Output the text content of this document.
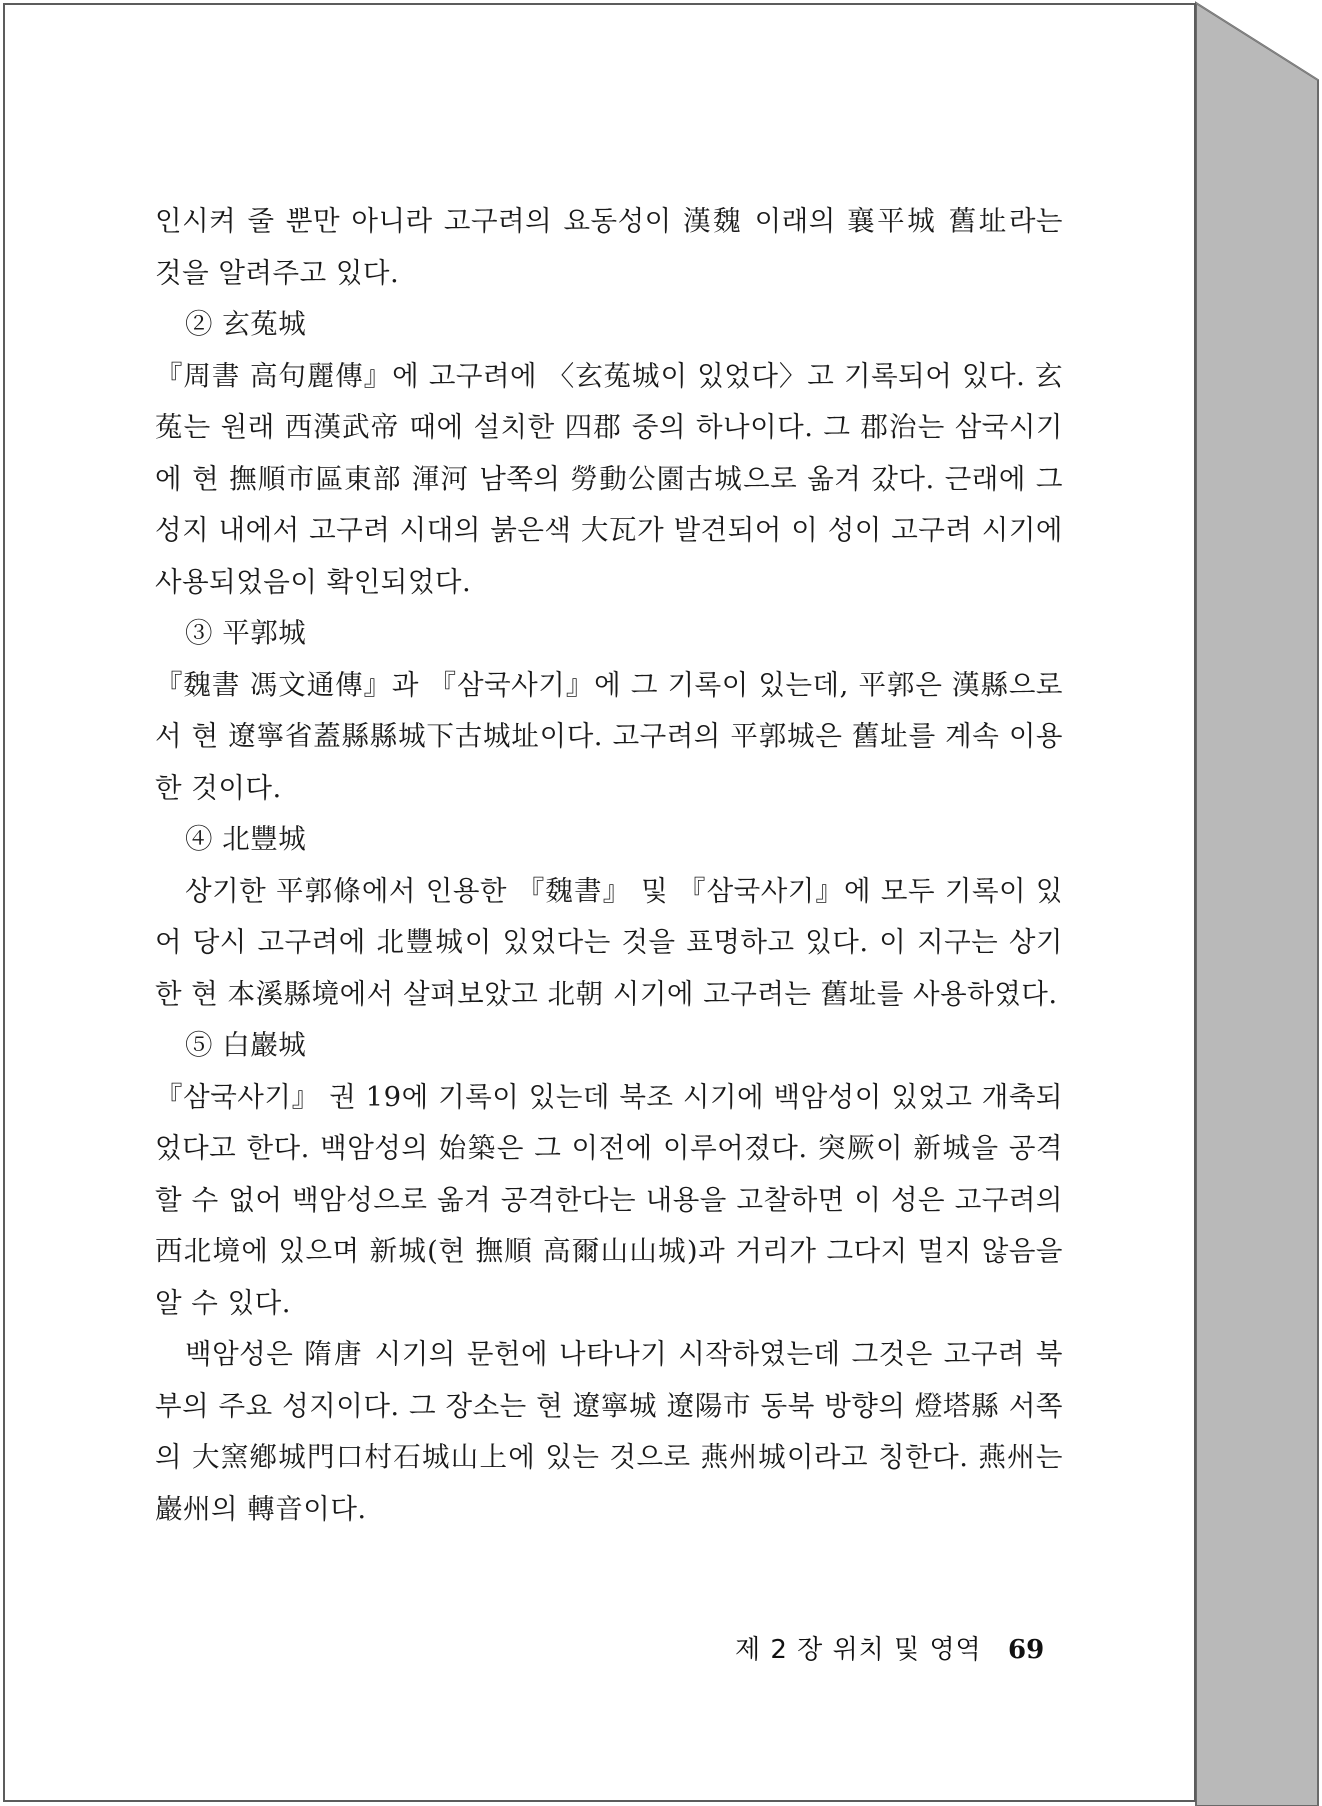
인시켜 줄 뿐만 아니라 고구려의 요동성이 漢魏 이래의 襄平城 舊址라는 것을 알려주고 있다.

② 玄菟城

『周書 高句麗傳』에 고구려에 〈玄菟城이 있었다〉고 기록되어 있다. 玄菟는 원래 西漢武帝 때에 설치한 四郡 중의 하나이다. 그 郡治는 삼국시기에 현 撫順市區東部 渾河 남쪽의 勞動公園古城으로 옮겨 갔다. 근래에 그 성지 내에서 고구려 시대의 붉은색 大瓦가 발견되어 이 성이 고구려 시기에 사용되었음이 확인되었다.

③ 平郭城

『魏書 馮文通傳』과 『삼국사기』에 그 기록이 있는데, 平郭은 漢縣으로서 현 遼寧省蓋縣縣城下古城址이다. 고구려의 平郭城은 舊址를 계속 이용한 것이다.

④ 北豐城

상기한 平郭條에서 인용한 『魏書』 및 『삼국사기』에 모두 기록이 있어 당시 고구려에 北豐城이 있었다는 것을 표명하고 있다. 이 지구는 상기한 현 本溪縣境에서 살펴보았고 北朝 시기에 고구려는 舊址를 사용하였다.

⑤ 白巖城

『삼국사기』 권 19에 기록이 있는데 북조 시기에 백암성이 있었고 개축되었다고 한다. 백암성의 始築은 그 이전에 이루어졌다. 突厥이 新城을 공격할 수 없어 백암성으로 옮겨 공격한다는 내용을 고찰하면 이 성은 고구려의 西北境에 있으며 新城(현 撫順 高爾山山城)과 거리가 그다지 멀지 않음을 알 수 있다.

백암성은 隋唐 시기의 문헌에 나타나기 시작하였는데 그것은 고구려 북부의 주요 성지이다. 그 장소는 현 遼寧城 遼陽市 동북 방향의 燈塔縣 서쪽의 大窯鄕城門口村石城山上에 있는 것으로 燕州城이라고 칭한다. 燕州는 巖州의 轉音이다.

제 2 장 위치 및 영역 69
